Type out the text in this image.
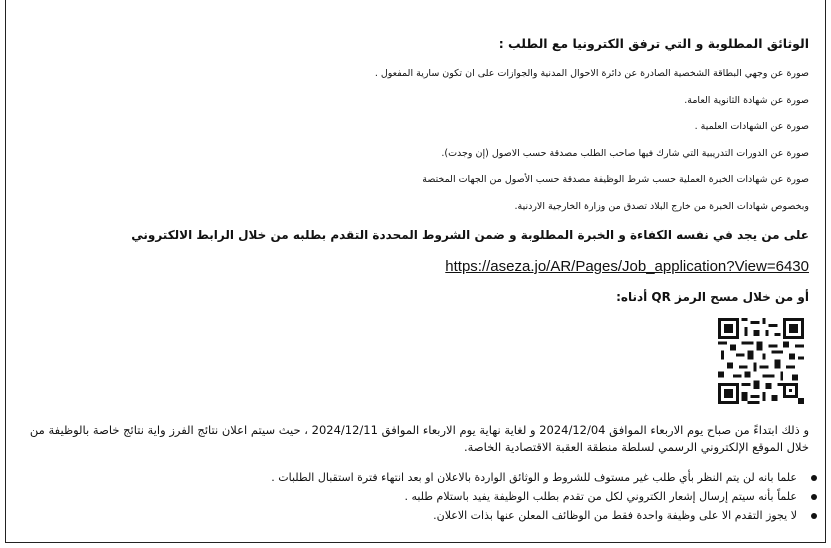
الوثائق المطلوبة و التي ترفق الكترونيا مع الطلب :
صورة عن وجهي البطاقة الشخصية الصادرة عن دائرة الاحوال المدنية والجوازات على ان تكون سارية المفعول .
صورة عن شهادة الثانوية العامة.
صورة عن الشهادات العلمية .
صورة عن الدورات التدريبية التي شارك فيها صاحب الطلب مصدقة حسب الاصول (إن وجدت).
صورة عن شهادات الخبرة العملية حسب شرط الوظيفة مصدقة حسب الأصول من الجهات المختصة
وبخصوص شهادات الخبرة من خارج البلاد تصدق من وزارة الخارجية الاردنية.
على من يجد في نفسه الكفاءة و الخبرة المطلوبة و ضمن الشروط المحددة التقدم بطلبه من خلال الرابط الالكتروني
https://aseza.jo/AR/Pages/Job_application?View=6430
أو من خلال مسح الرمز QR أدناه:
و ذلك ابتداءً من صباح يوم الاربعاء الموافق 2024/12/04 و لغاية نهاية يوم الاربعاء الموافق 2024/12/11 ، حيث سيتم اعلان نتائج الفرز واية نتائج خاصة بالوظيفة من خلال الموقع الإلكتروني الرسمي لسلطة منطقة العقبة الاقتصادية الخاصة.
علما بانه لن يتم النظر بأي طلب غير مستوف للشروط و الوثائق الواردة بالاعلان او بعد انتهاء فترة استقبال الطلبات .
علماً بأنه سيتم إرسال إشعار الكتروني لكل من تقدم بطلب الوظيفة يفيد باستلام طلبه .
لا يجوز التقدم الا على وظيفة واحدة فقط من الوظائف المعلن عنها بذات الاعلان.
